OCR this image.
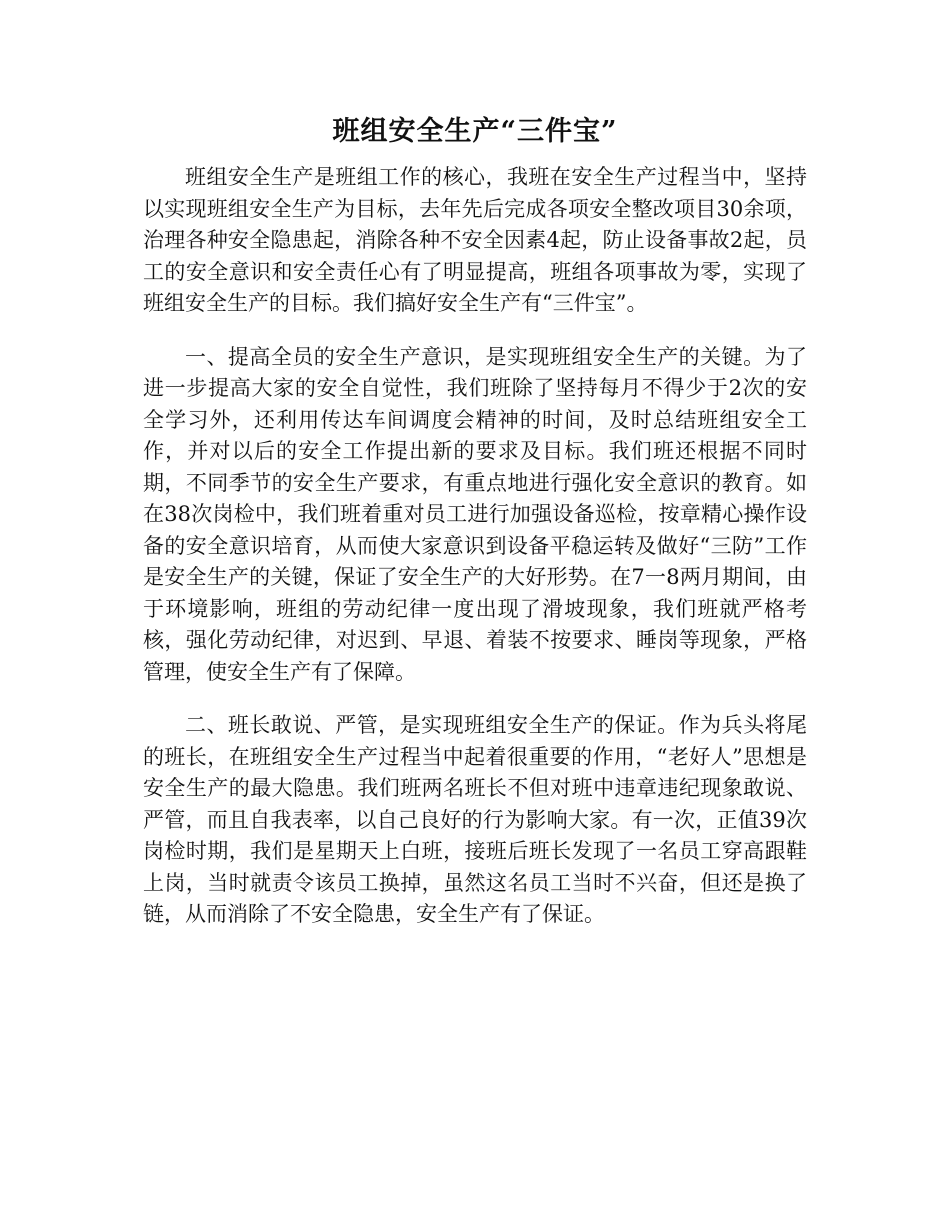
班组安全生产“三件宝”

班组安全生产是班组工作的核心，我班在安全生产过程当中，坚持以实现班组安全生产为目标，去年先后完成各项安全整改项目30余项，治理各种安全隐患起，消除各种不安全因素4起，防止设备事故2起，员工的安全意识和安全责任心有了明显提高，班组各项事故为零，实现了班组安全生产的目标。我们搞好安全生产有“三件宝”。

一、提高全员的安全生产意识，是实现班组安全生产的关键。为了进一步提高大家的安全自觉性，我们班除了坚持每月不得少于2次的安全学习外，还利用传达车间调度会精神的时间，及时总结班组安全工作，并对以后的安全工作提出新的要求及目标。我们班还根据不同时期，不同季节的安全生产要求，有重点地进行强化安全意识的教育。如在38次岗检中，我们班着重对员工进行加强设备巡检，按章精心操作设备的安全意识培育，从而使大家意识到设备平稳运转及做好“三防”工作是安全生产的关键，保证了安全生产的大好形势。在7一8两月期间，由于环境影响，班组的劳动纪律一度出现了滑坡现象，我们班就严格考核，强化劳动纪律，对迟到、早退、着装不按要求、睡岗等现象，严格管理，使安全生产有了保障。

二、班长敢说、严管，是实现班组安全生产的保证。作为兵头将尾的班长，在班组安全生产过程当中起着很重要的作用，“老好人”思想是安全生产的最大隐患。我们班两名班长不但对班中违章违纪现象敢说、严管，而且自我表率，以自己良好的行为影响大家。有一次，正值39次岗检时期，我们是星期天上白班，接班后班长发现了一名员工穿高跟鞋上岗，当时就责令该员工换掉，虽然这名员工当时不兴奋，但还是换了链，从而消除了不安全隐患，安全生产有了保证。
